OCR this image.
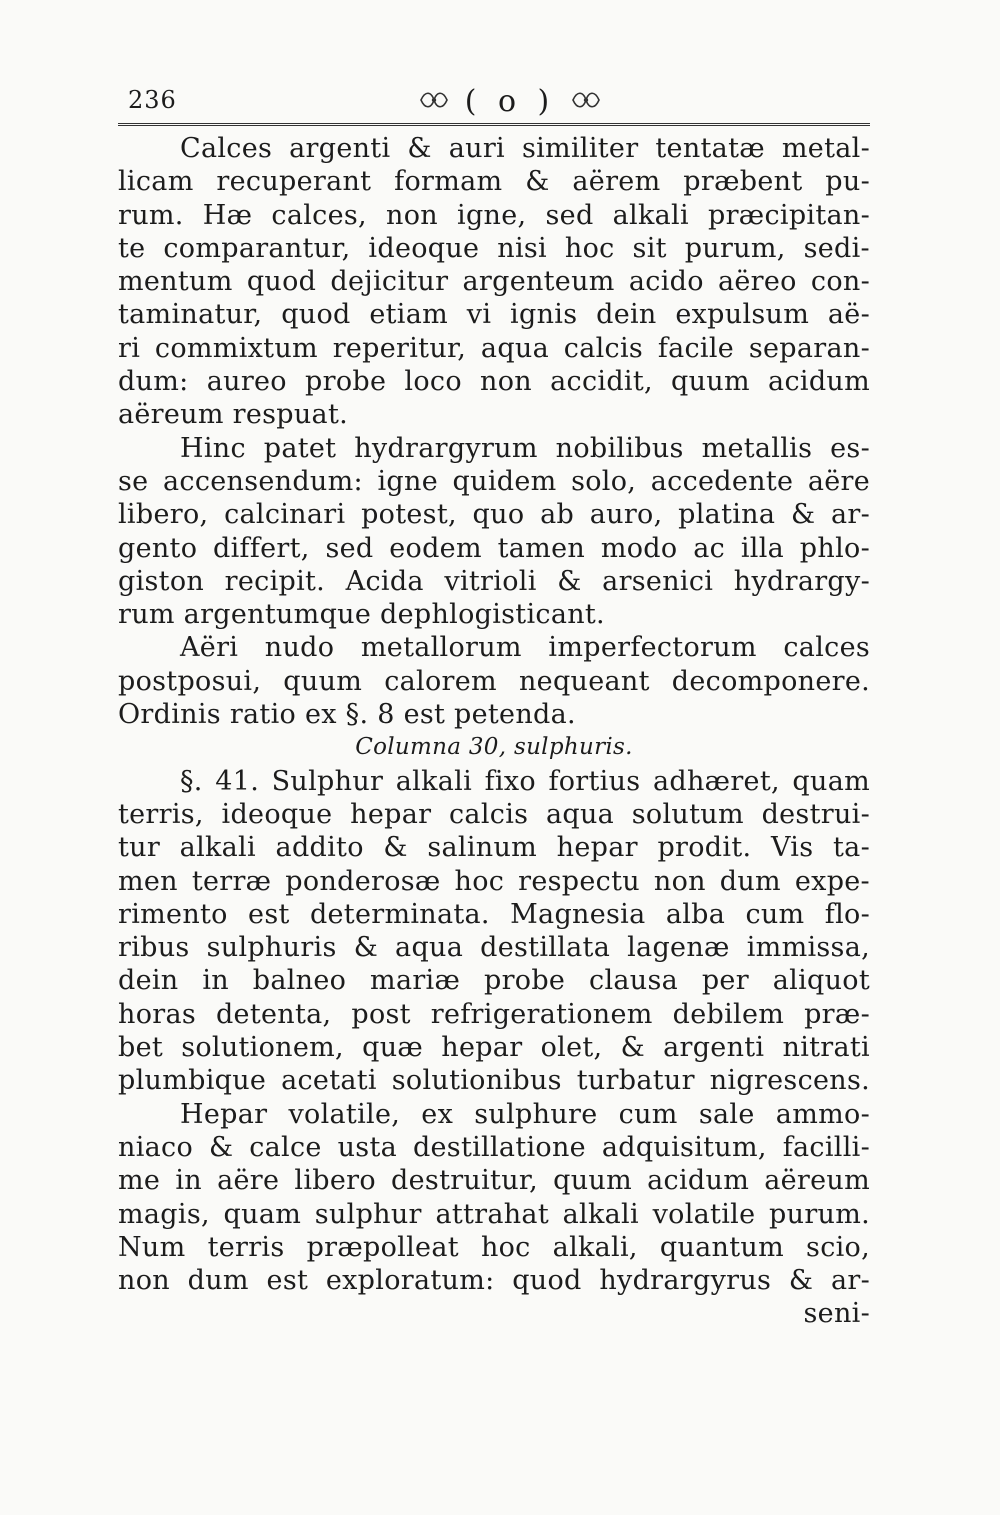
236	( o )
Calces argenti & auri similiter tentatæ metal-
licam recuperant formam & aërem præbent pu-
rum. Hæ calces, non igne, sed alkali præcipitan-
te comparantur, ideoque nisi hoc sit purum, sedi-
mentum quod dejicitur argenteum acido aëreo con-
taminatur, quod etiam vi ignis dein expulsum aë-
ri commixtum reperitur, aqua calcis facile separan-
dum: aureo probe loco non accidit, quum acidum
aëreum respuat.
Hinc patet hydrargyrum nobilibus metallis es-
se accensendum: igne quidem solo, accedente aëre
libero, calcinari potest, quo ab auro, platina & ar-
gento differt, sed eodem tamen modo ac illa phlo-
giston recipit. Acida vitrioli & arsenici hydrargy-
rum argentumque dephlogisticant.
Aëri nudo metallorum imperfectorum calces
postposui, quum calorem nequeant decomponere.
Ordinis ratio ex §. 8 est petenda.
Columna 30, sulphuris.
§. 41. Sulphur alkali fixo fortius adhæret, quam
terris, ideoque hepar calcis aqua solutum destrui-
tur alkali addito & salinum hepar prodit. Vis ta-
men terræ ponderosæ hoc respectu non dum expe-
rimento est determinata. Magnesia alba cum flo-
ribus sulphuris & aqua destillata lagenæ immissa,
dein in balneo mariæ probe clausa per aliquot
horas detenta, post refrigerationem debilem præ-
bet solutionem, quæ hepar olet, & argenti nitrati
plumbique acetati solutionibus turbatur nigrescens.
Hepar volatile, ex sulphure cum sale ammo-
niaco & calce usta destillatione adquisitum, facilli-
me in aëre libero destruitur, quum acidum aëreum
magis, quam sulphur attrahat alkali volatile purum.
Num terris præpolleat hoc alkali, quantum scio,
non dum est exploratum: quod hydrargyrus & ar-
seni-
